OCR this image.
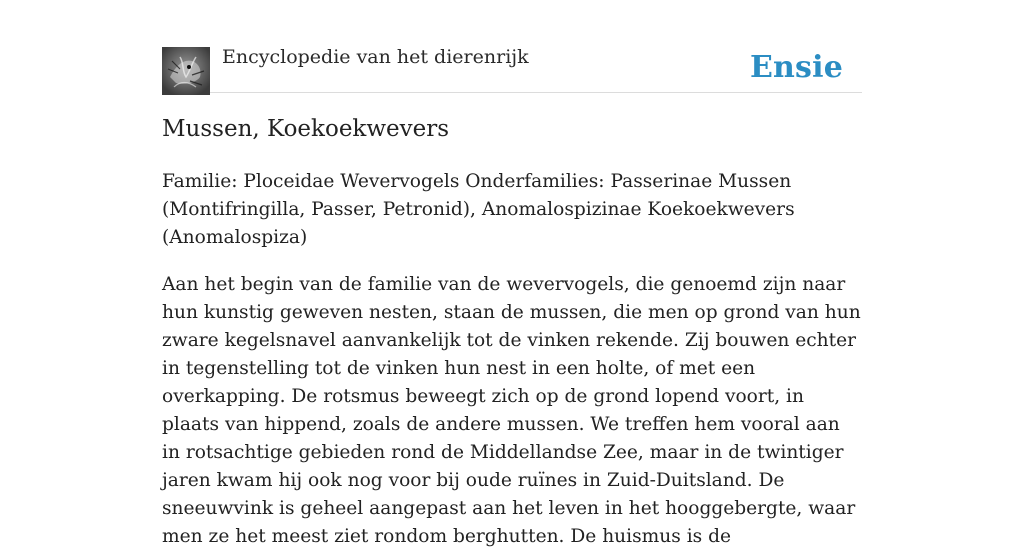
Encyclopedie van het dierenrijk	Ensie
Mussen, Koekoekwevers

Familie: Ploceidae Wevervogels Onderfamilies: Passerinae Mussen (Montifringilla, Passer, Petronid), Anomalospizinae Koekoekwevers (Anomalospiza)

Aan het begin van de familie van de wevervogels, die genoemd zijn naar hun kunstig geweven nesten, staan de mussen, die men op grond van hun zware kegelsnavel aanvankelijk tot de vinken rekende. Zij bouwen echter in tegenstelling tot de vinken hun nest in een holte, of met een overkapping. De rotsmus beweegt zich op de grond lopend voort, in plaats van hippend, zoals de andere mussen. We treffen hem vooral aan in rotsachtige gebieden rond de Middellandse Zee, maar in de twintiger jaren kwam hij ook nog voor bij oude ruïnes in Zuid-Duitsland. De sneeuwvink is geheel aangepast aan het leven in het hooggebergte, waar men ze het meest ziet rondom berghutten. De huismus is de
